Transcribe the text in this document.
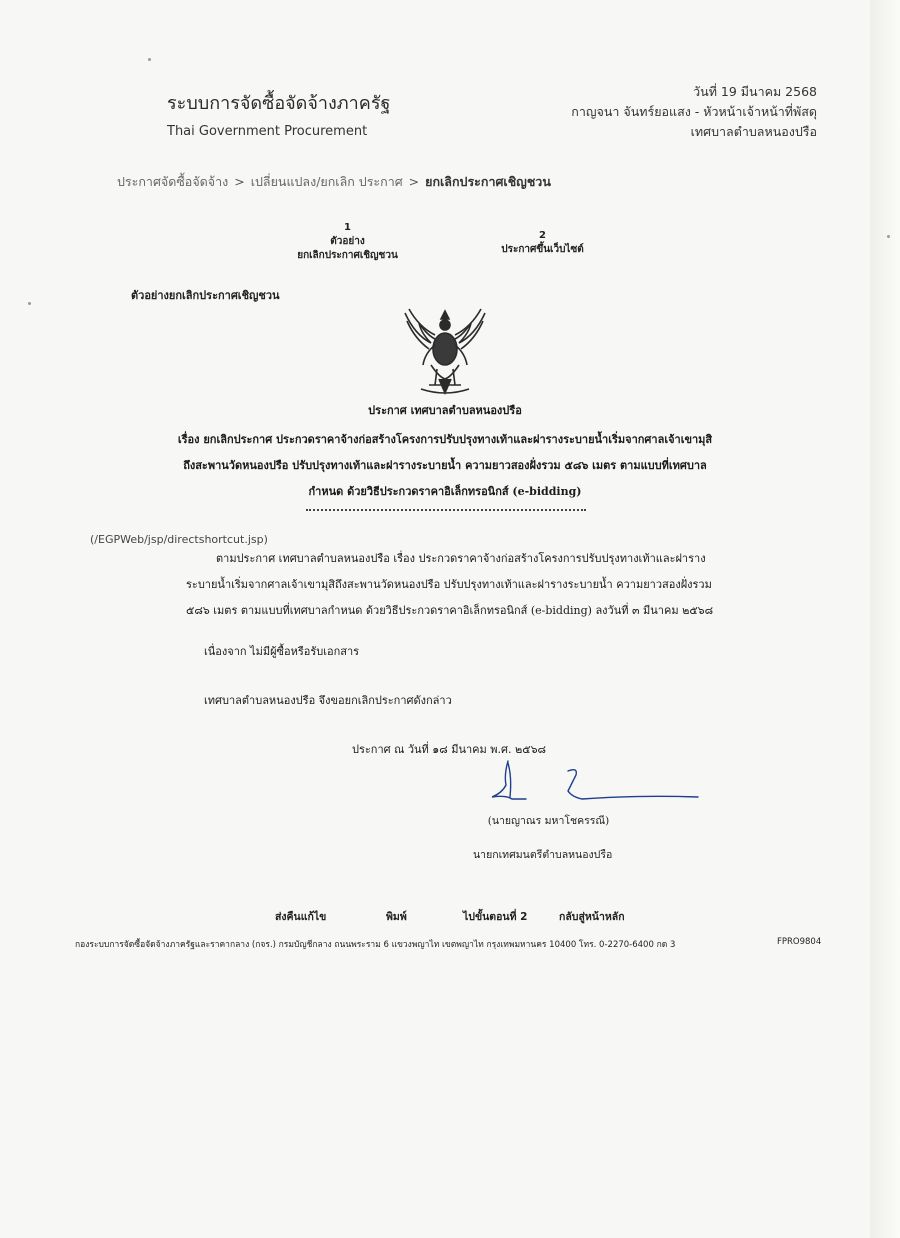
ระบบการจัดซื้อจัดจ้างภาครัฐ
Thai Government Procurement
วันที่ 19 มีนาคม 2568
กาญจนา จันทร์ยอแสง - หัวหน้าเจ้าหน้าที่พัสดุ
เทศบาลตำบลหนองปรือ
ประกาศจัดซื้อจัดจ้าง > เปลี่ยนแปลง/ยกเลิก ประกาศ > ยกเลิกประกาศเชิญชวน
1
ตัวอย่าง
ยกเลิกประกาศเชิญชวน
2
ประกาศขึ้นเว็บไซต์
ตัวอย่างยกเลิกประกาศเชิญชวน
ประกาศ เทศบาลตำบลหนองปรือ
เรื่อง ยกเลิกประกาศ ประกวดราคาจ้างก่อสร้างโครงการปรับปรุงทางเท้าและฝารางระบายน้ำเริ่มจากศาลเจ้าเขามุสิ
ถึงสะพานวัดหนองปรือ ปรับปรุงทางเท้าและฝารางระบายน้ำ ความยาวสองฝั่งรวม ๕๘๖ เมตร ตามแบบที่เทศบาล
กำหนด ด้วยวิธีประกวดราคาอิเล็กทรอนิกส์ (e-bidding)
(/EGPWeb/jsp/directshortcut.jsp)
ตามประกาศ เทศบาลตำบลหนองปรือ เรื่อง ประกวดราคาจ้างก่อสร้างโครงการปรับปรุงทางเท้าและฝาราง
ระบายน้ำเริ่มจากศาลเจ้าเขามุสิถึงสะพานวัดหนองปรือ ปรับปรุงทางเท้าและฝารางระบายน้ำ ความยาวสองฝั่งรวม
๕๘๖ เมตร ตามแบบที่เทศบาลกำหนด ด้วยวิธีประกวดราคาอิเล็กทรอนิกส์ (e-bidding) ลงวันที่ ๓ มีนาคม ๒๕๖๘
เนื่องจาก ไม่มีผู้ซื้อหรือรับเอกสาร
เทศบาลตำบลหนองปรือ จึงขอยกเลิกประกาศดังกล่าว
ประกาศ ณ วันที่ ๑๘ มีนาคม พ.ศ. ๒๕๖๘
(นายญาณร มหาโชครรณี)
นายกเทศมนตรีตำบลหนองปรือ
ส่งคืนแก้ไข	พิมพ์	ไปขั้นตอนที่ 2	กลับสู่หน้าหลัก
กองระบบการจัดซื้อจัดจ้างภาครัฐและราคากลาง (กจร.) กรมบัญชีกลาง ถนนพระราม 6 แขวงพญาไท เขตพญาไท กรุงเทพมหานคร 10400 โทร. 0-2270-6400 กด 3	FPRO9804
